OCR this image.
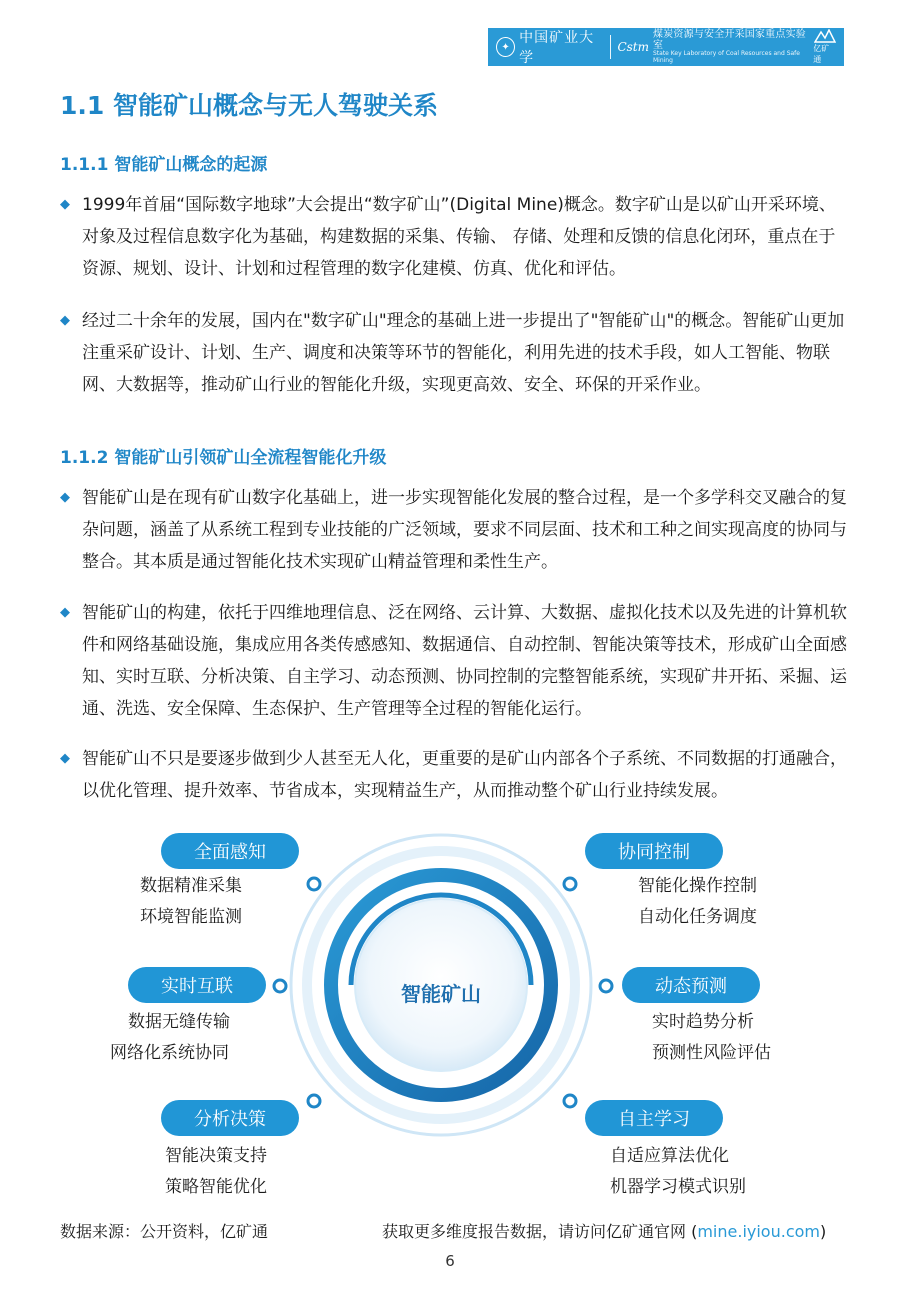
✦
中国矿业大学
Cstm
煤炭资源与安全开采国家重点实验室
State Key Laboratory of Coal Resources and Safe Mining
亿矿通
1.1 智能矿山概念与无人驾驶关系
1.1.1 智能矿山概念的起源
◆ 1999年首届“国际数字地球”大会提出“数字矿山”(Digital Mine)概念。数字矿山是以矿山开采环境、对象及过程信息数字化为基础，构建数据的采集、传输、 存储、处理和反馈的信息化闭环，重点在于资源、规划、设计、计划和过程管理的数字化建模、仿真、优化和评估。
◆ 经过二十余年的发展，国内在"数字矿山"理念的基础上进一步提出了"智能矿山"的概念。智能矿山更加注重采矿设计、计划、生产、调度和决策等环节的智能化，利用先进的技术手段，如人工智能、物联网、大数据等，推动矿山行业的智能化升级，实现更高效、安全、环保的开采作业。
1.1.2 智能矿山引领矿山全流程智能化升级
◆ 智能矿山是在现有矿山数字化基础上，进一步实现智能化发展的整合过程，是一个多学科交叉融合的复杂问题，涵盖了从系统工程到专业技能的广泛领域，要求不同层面、技术和工种之间实现高度的协同与整合。其本质是通过智能化技术实现矿山精益管理和柔性生产。
◆ 智能矿山的构建，依托于四维地理信息、泛在网络、云计算、大数据、虚拟化技术以及先进的计算机软件和网络基础设施，集成应用各类传感感知、数据通信、自动控制、智能决策等技术，形成矿山全面感知、实时互联、分析决策、自主学习、动态预测、协同控制的完整智能系统，实现矿井开拓、采掘、运通、洗选、安全保障、生态保护、生产管理等全过程的智能化运行。
◆ 智能矿山不只是要逐步做到少人甚至无人化，更重要的是矿山内部各个子系统、不同数据的打通融合，以优化管理、提升效率、节省成本，实现精益生产，从而推动整个矿山行业持续发展。
智能矿山
全面感知
数据精准采集
环境智能监测
协同控制
智能化操作控制
自动化任务调度
实时互联
数据无缝传输
网络化系统协同
动态预测
实时趋势分析
预测性风险评估
分析决策
智能决策支持
策略智能优化
自主学习
自适应算法优化
机器学习模式识别
数据来源：公开资料，亿矿通	获取更多维度报告数据，请访问亿矿通官网 (mine.iyiou.com)
6
